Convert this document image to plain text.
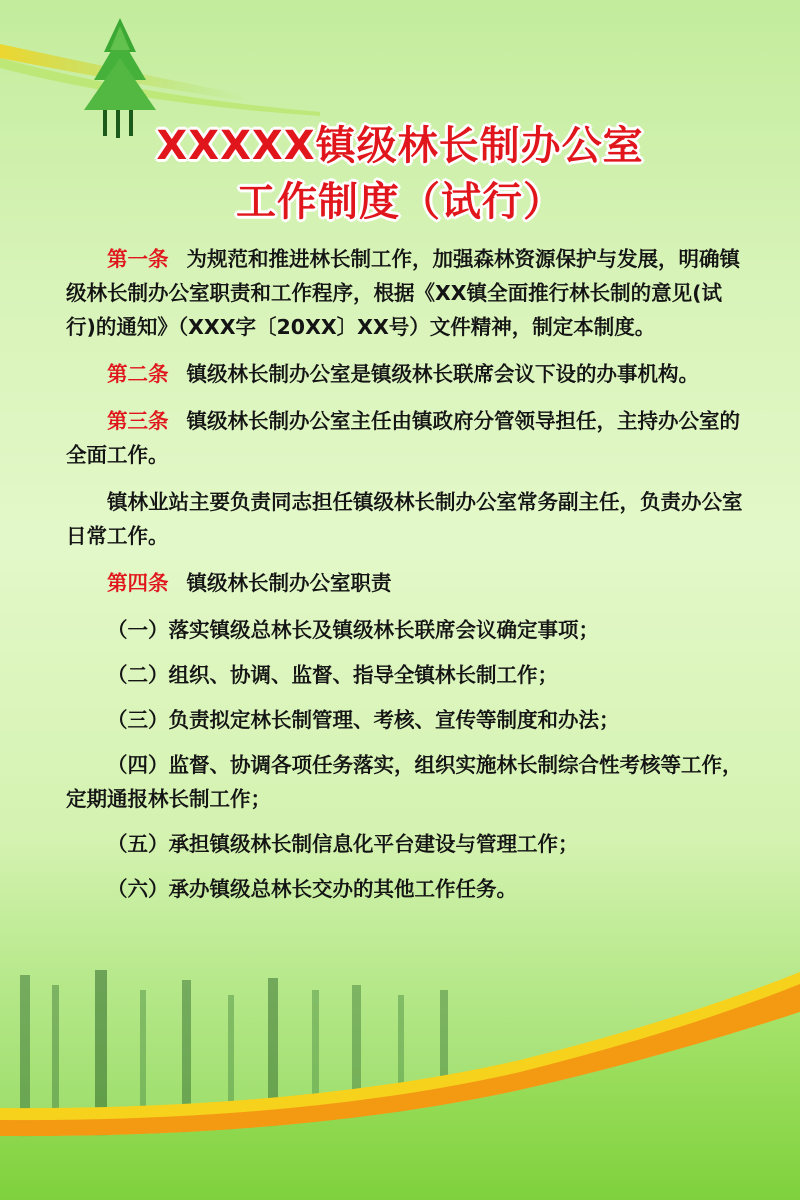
XXXXX镇级林长制办公室
工作制度（试行）

第一条 为规范和推进林长制工作，加强森林资源保护与发展，明确镇级林长制办公室职责和工作程序，根据《XX镇全面推行林长制的意见(试行)的通知》（XXX字〔20XX〕XX号）文件精神，制定本制度。

第二条 镇级林长制办公室是镇级林长联席会议下设的办事机构。

第三条 镇级林长制办公室主任由镇政府分管领导担任，主持办公室的全面工作。

镇林业站主要负责同志担任镇级林长制办公室常务副主任，负责办公室日常工作。

第四条 镇级林长制办公室职责

（一）落实镇级总林长及镇级林长联席会议确定事项；

（二）组织、协调、监督、指导全镇林长制工作；

（三）负责拟定林长制管理、考核、宣传等制度和办法；

（四）监督、协调各项任务落实，组织实施林长制综合性考核等工作，定期通报林长制工作；

（五）承担镇级林长制信息化平台建设与管理工作；

（六）承办镇级总林长交办的其他工作任务。
